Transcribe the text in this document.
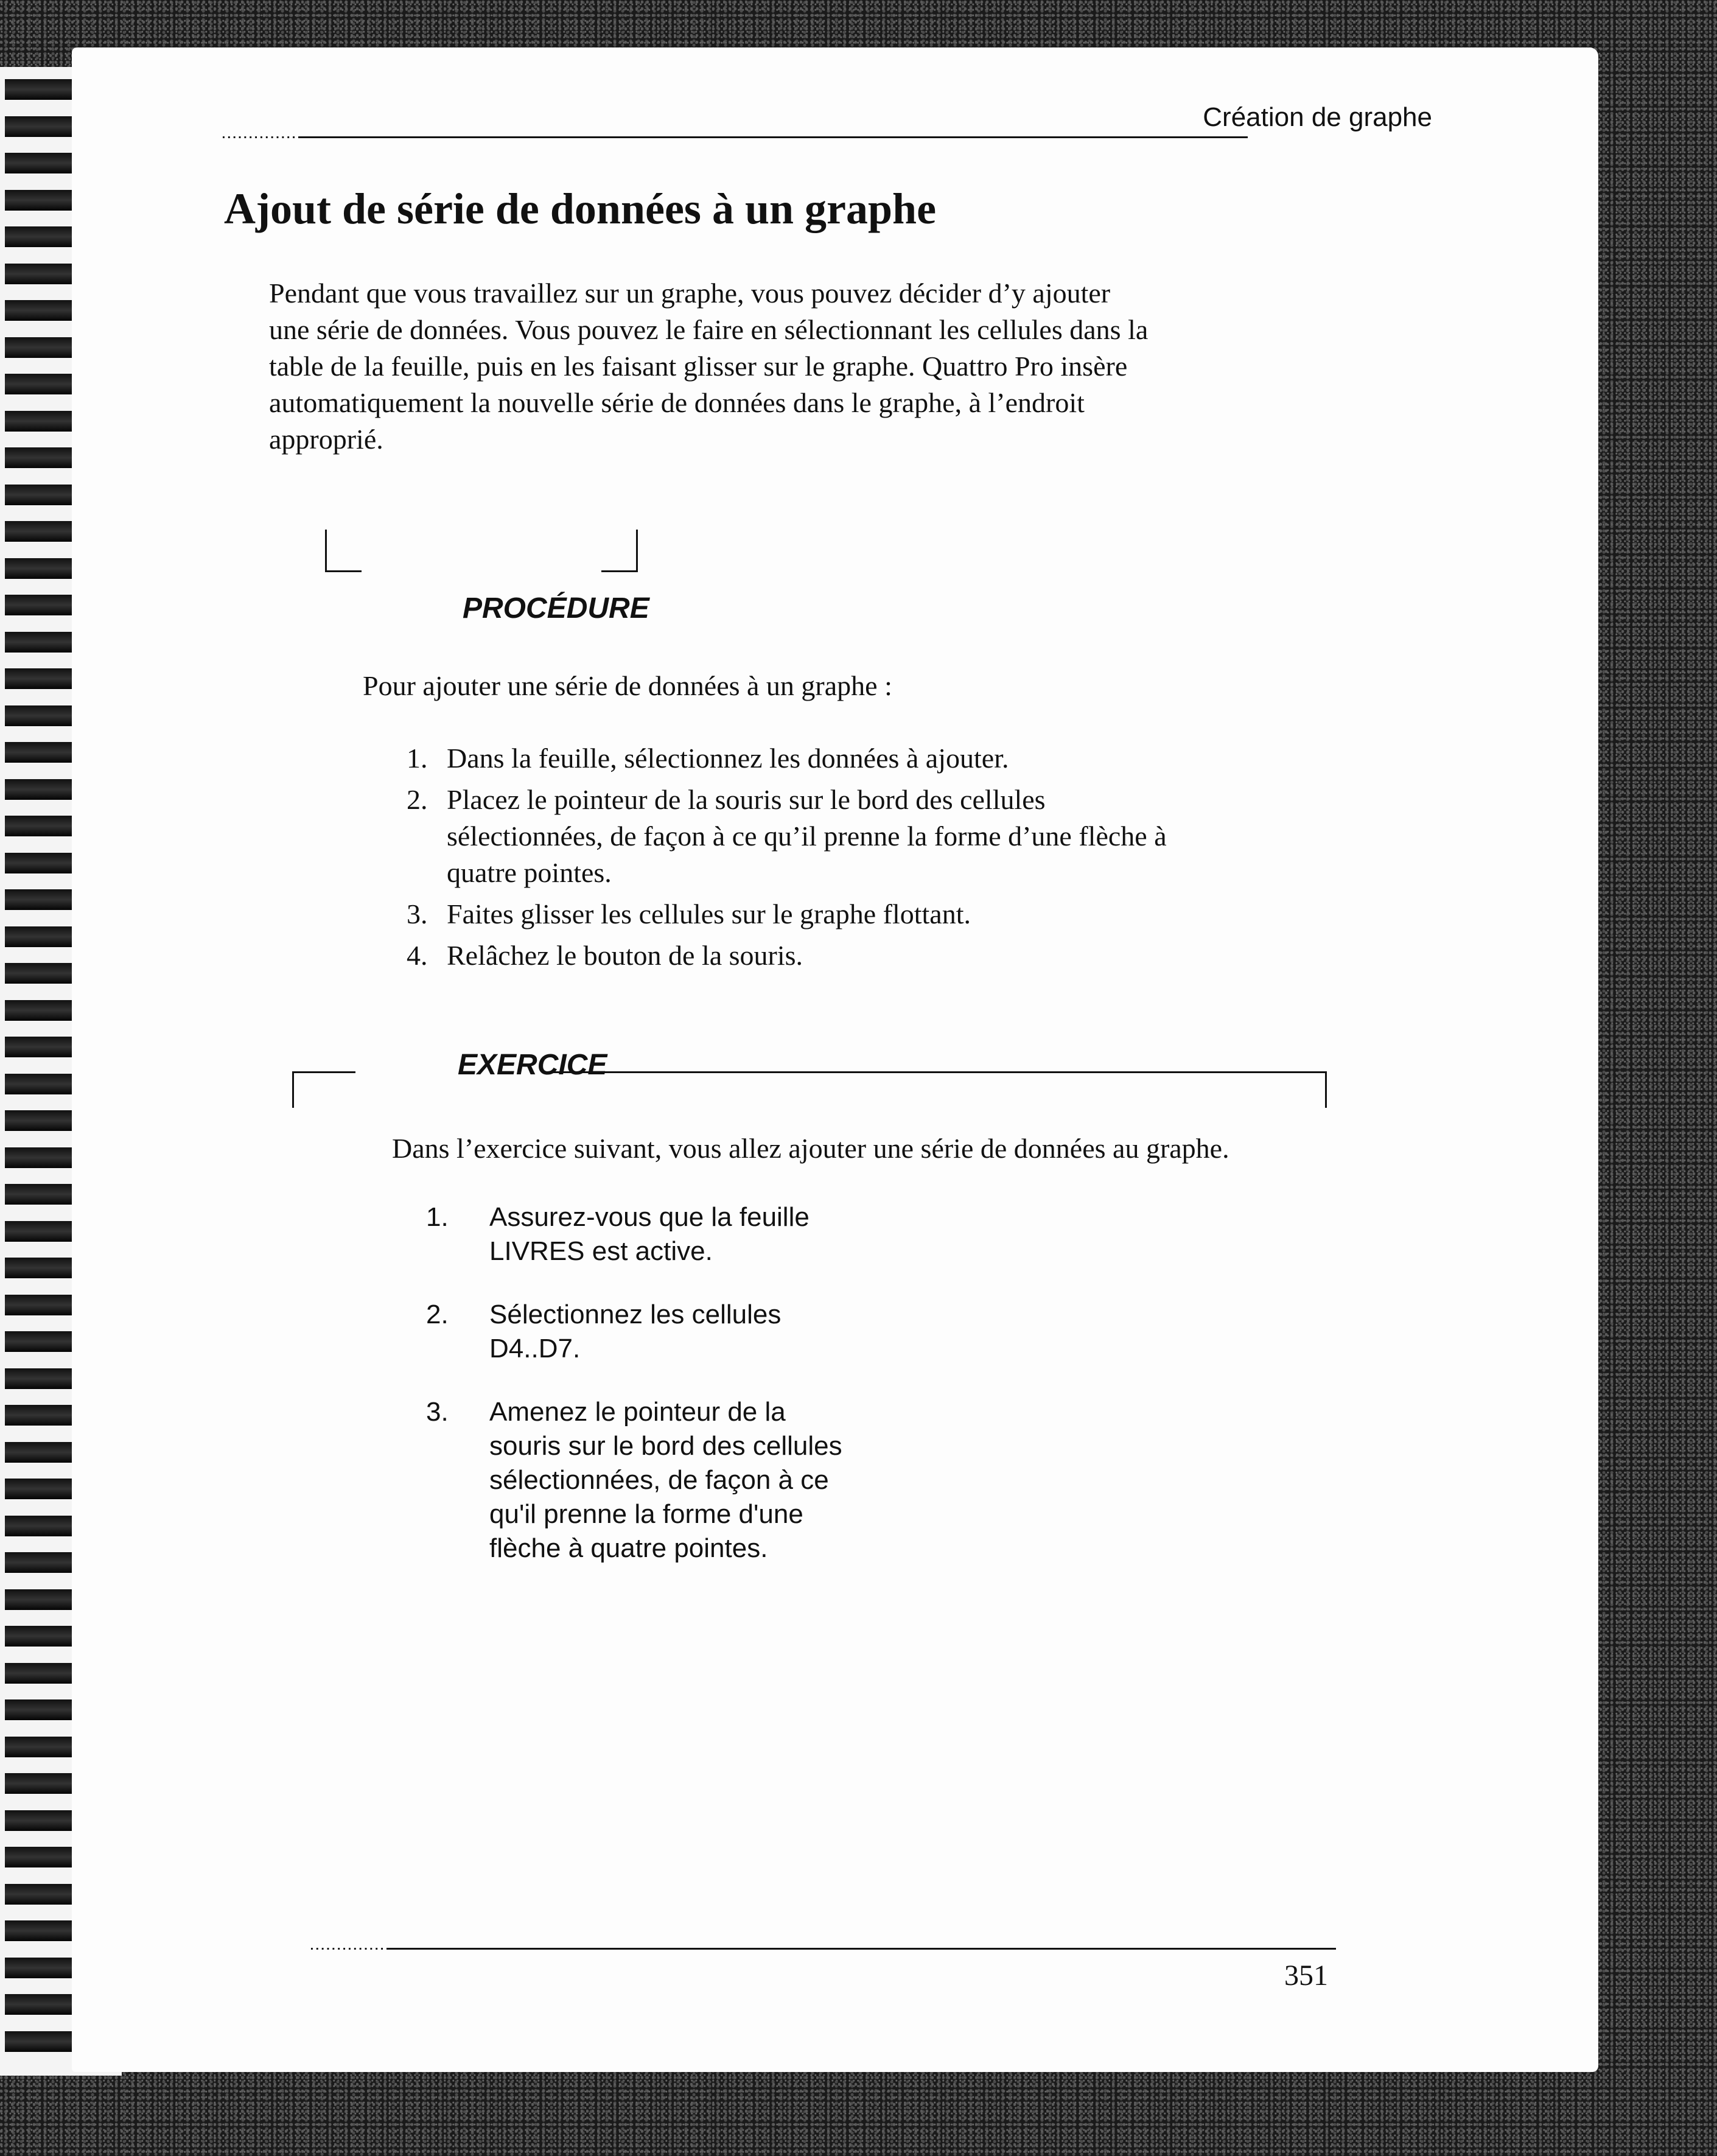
Création de graphe
Ajout de série de données à un graphe
Pendant que vous travaillez sur un graphe, vous pouvez décider d’y ajouter
une série de données. Vous pouvez le faire en sélectionnant les cellules dans la
table de la feuille, puis en les faisant glisser sur le graphe. Quattro Pro insère
automatiquement la nouvelle série de données dans le graphe, à l’endroit
approprié.
PROCÉDURE

Pour ajouter une série de données à un graphe :

1. Dans la feuille, sélectionnez les données à ajouter.
2. Placez le pointeur de la souris sur le bord des cellules
sélectionnées, de façon à ce qu’il prenne la forme d’une flèche à
quatre pointes.
3. Faites glisser les cellules sur le graphe flottant.
4. Relâchez le bouton de la souris.
EXERCICE

Dans l’exercice suivant, vous allez ajouter une série de données au graphe.

1. Assurez-vous que la feuille
LIVRES est active.
2. Sélectionnez les cellules
D4..D7.
3. Amenez le pointeur de la
souris sur le bord des cellules
sélectionnées, de façon à ce
qu'il prenne la forme d'une
flèche à quatre pointes.
351
